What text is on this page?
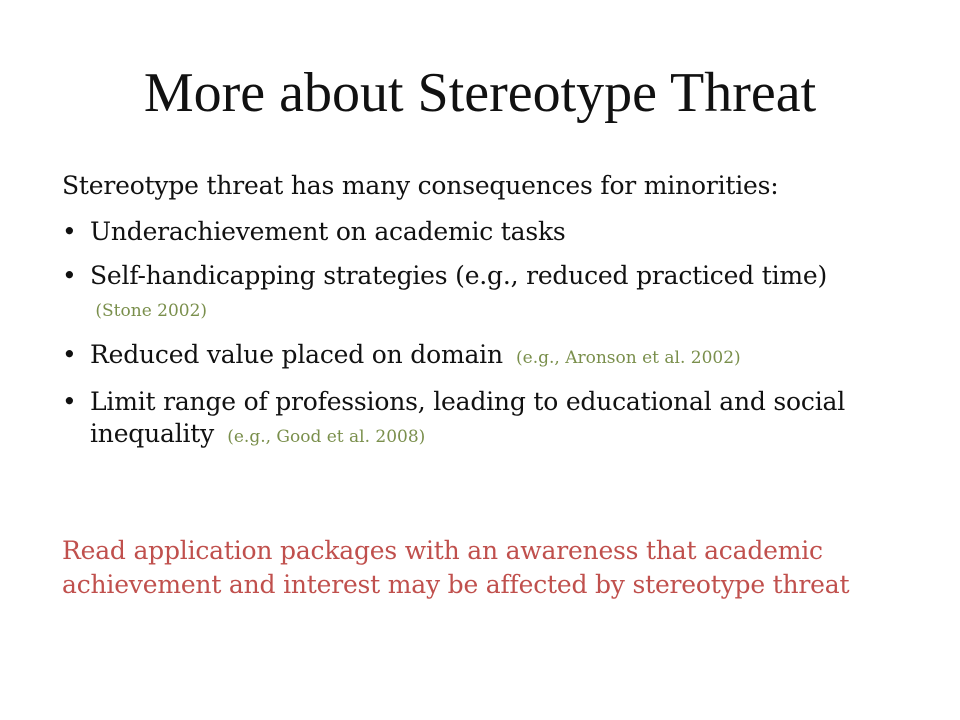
More about Stereotype Threat

Stereotype threat has many consequences for minorities:

• Underachievement on academic tasks
• Self-handicapping strategies (e.g., reduced practiced time)  (Stone 2002)
• Reduced value placed on domain  (e.g., Aronson et al. 2002)
• Limit range of professions, leading to educational and social inequality  (e.g., Good et al. 2008)

Read application packages with an awareness that academic achievement and interest may be affected by stereotype threat
